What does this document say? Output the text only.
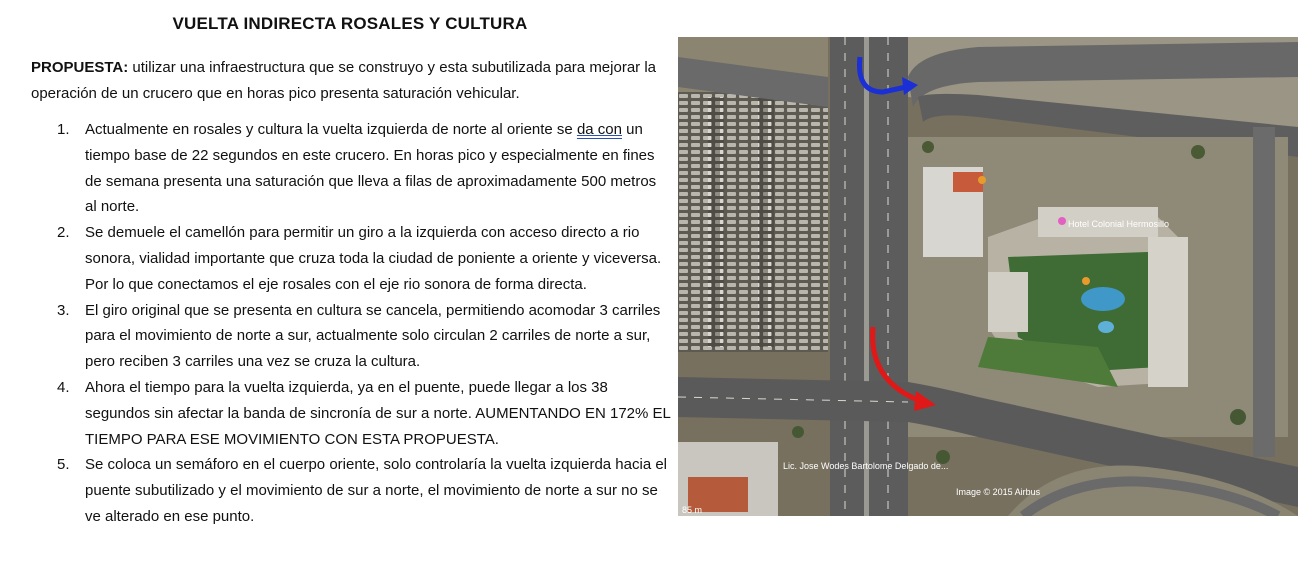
VUELTA INDIRECTA ROSALES Y CULTURA
PROPUESTA: utilizar una infraestructura que se construyo y esta subutilizada para mejorar la operación de un crucero que en horas pico presenta saturación vehicular.
1. Actualmente en rosales y cultura la vuelta izquierda de norte al oriente se da con un tiempo base de 22 segundos en este crucero. En horas pico y especialmente en fines de semana presenta una saturación que lleva a filas de aproximadamente 500 metros al norte.
2. Se demuele el camellón para permitir un giro a la izquierda con acceso directo a rio sonora, vialidad importante que cruza toda la ciudad de poniente a oriente y viceversa. Por lo que conectamos el eje rosales con el eje rio sonora de forma directa.
3. El giro original que se presenta en cultura se cancela, permitiendo acomodar 3 carriles para el movimiento de norte a sur, actualmente solo circulan 2 carriles de norte a sur, pero reciben 3 carriles una vez se cruza la cultura.
4. Ahora el tiempo para la vuelta izquierda, ya en el puente, puede llegar a los 38 segundos sin afectar la banda de sincronía de sur a norte. AUMENTANDO EN 172% EL TIEMPO PARA ESE MOVIMIENTO CON ESTA PROPUESTA.
5. Se coloca un semáforo en el cuerpo oriente, solo controlaría la vuelta izquierda hacia el puente subutilizado y el movimiento de sur a norte, el movimiento de norte a sur no se ve alterado en ese punto.
Hotel Colonial Hermosillo
Lic. Jose Wodes Bartolome Delgado de...
Image © 2015 Airbus
85 m
